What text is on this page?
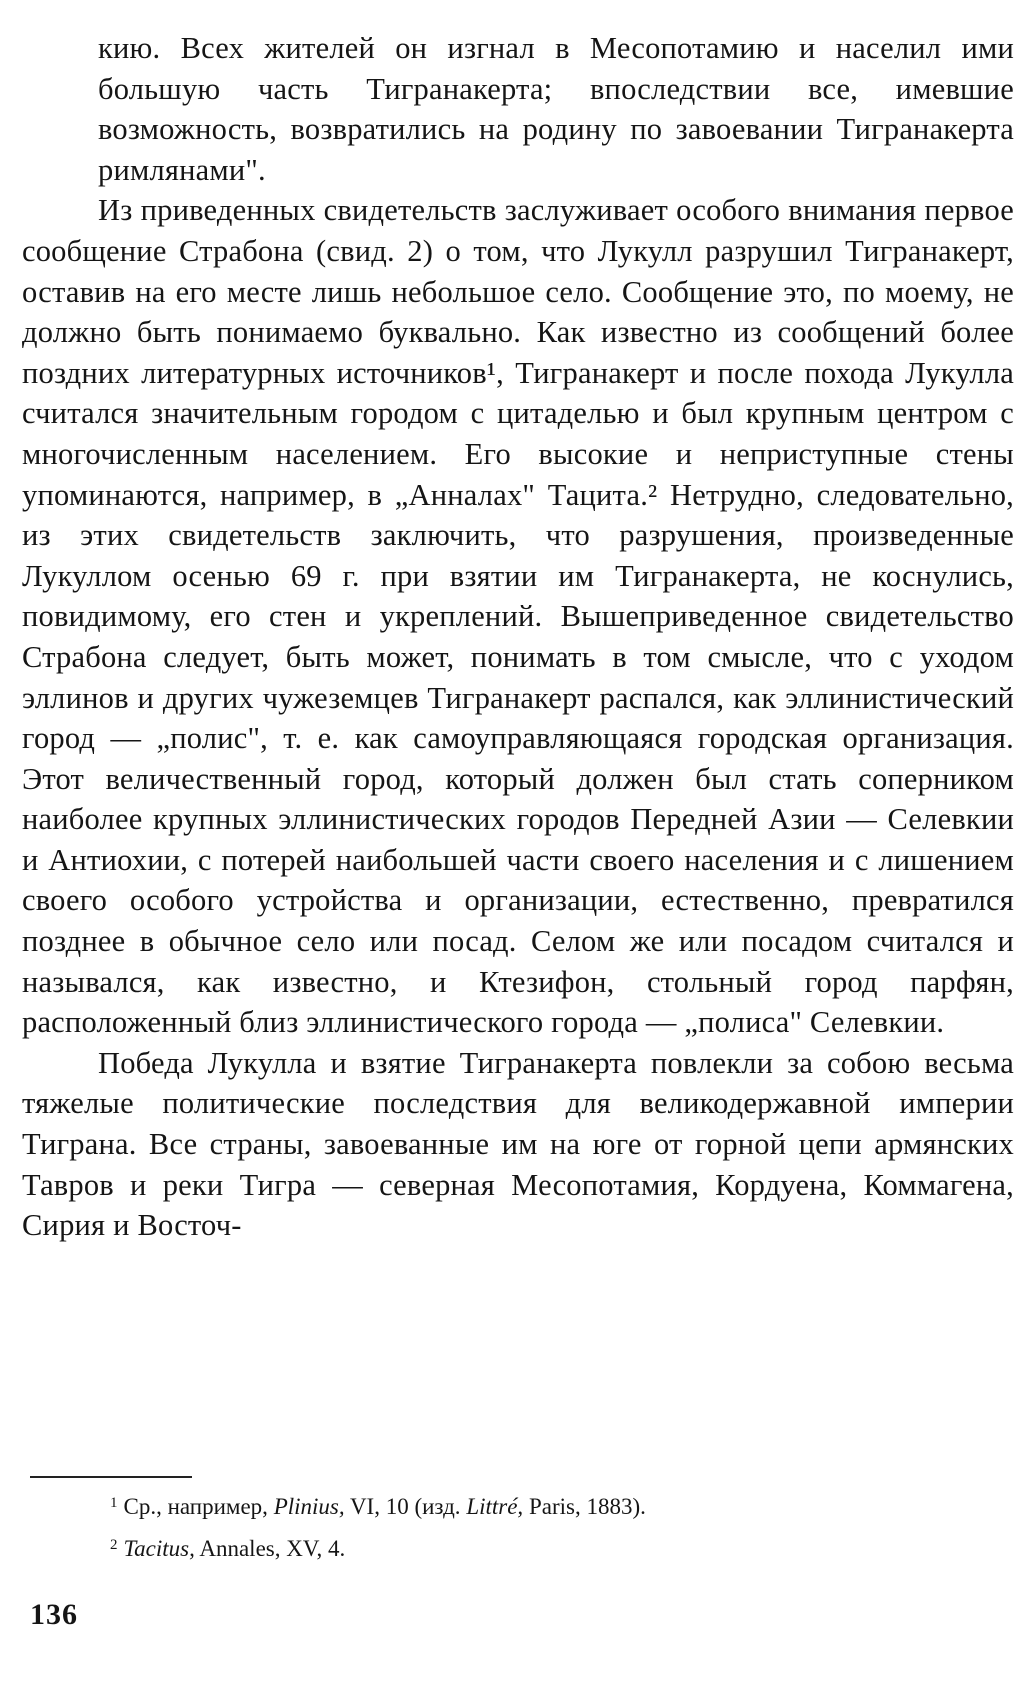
кию. Всех жителей он изгнал в Месопотамию и населил ими большую часть Тигранакерта; впоследствии все, имевшие возможность, возвратились на родину по завоевании Тигранакерта римлянами".

Из приведенных свидетельств заслуживает особого внимания первое сообщение Страбона (свид. 2) о том, что Лукулл разрушил Тигранакерт, оставив на его месте лишь небольшое село. Сообщение это, по моему, не должно быть понимаемо буквально. Как известно из сообщений более поздних литературных источников¹, Тигранакерт и после похода Лукулла считался значительным городом с цитаделью и был крупным центром с многочисленным населением. Его высокие и неприступные стены упоминаются, например, в „Анналах" Тацита.² Нетрудно, следовательно, из этих свидетельств заключить, что разрушения, произведенные Лукуллом осенью 69 г. при взятии им Тигранакерта, не коснулись, повидимому, его стен и укреплений. Вышеприведенное свидетельство Страбона следует, быть может, понимать в том смысле, что с уходом эллинов и других чужеземцев Тигранакерт распался, как эллинистический город — „полис", т. е. как самоуправляющаяся городская организация. Этот величественный город, который должен был стать соперником наиболее крупных эллинистических городов Передней Азии — Селевкии и Антиохии, с потерей наибольшей части своего населения и с лишением своего особого устройства и организации, естественно, превратился позднее в обычное село или посад. Селом же или посадом считался и назывался, как известно, и Ктезифон, стольный город парфян, расположенный близ эллинистического города — „полиса" Селевкии.

Победа Лукулла и взятие Тигранакерта повлекли за собою весьма тяжелые политические последствия для великодержавной империи Тиграна. Все страны, завоеванные им на юге от горной цепи армянских Тавров и реки Тигра — северная Месопотамия, Кордуена, Коммагена, Сирия и Восточ-

$^1$ Ср., например, Plinius, VI, 10 (изд. Littré, Paris, 1883).

$^2$ Tacitus, Annales, XV, 4.

136
